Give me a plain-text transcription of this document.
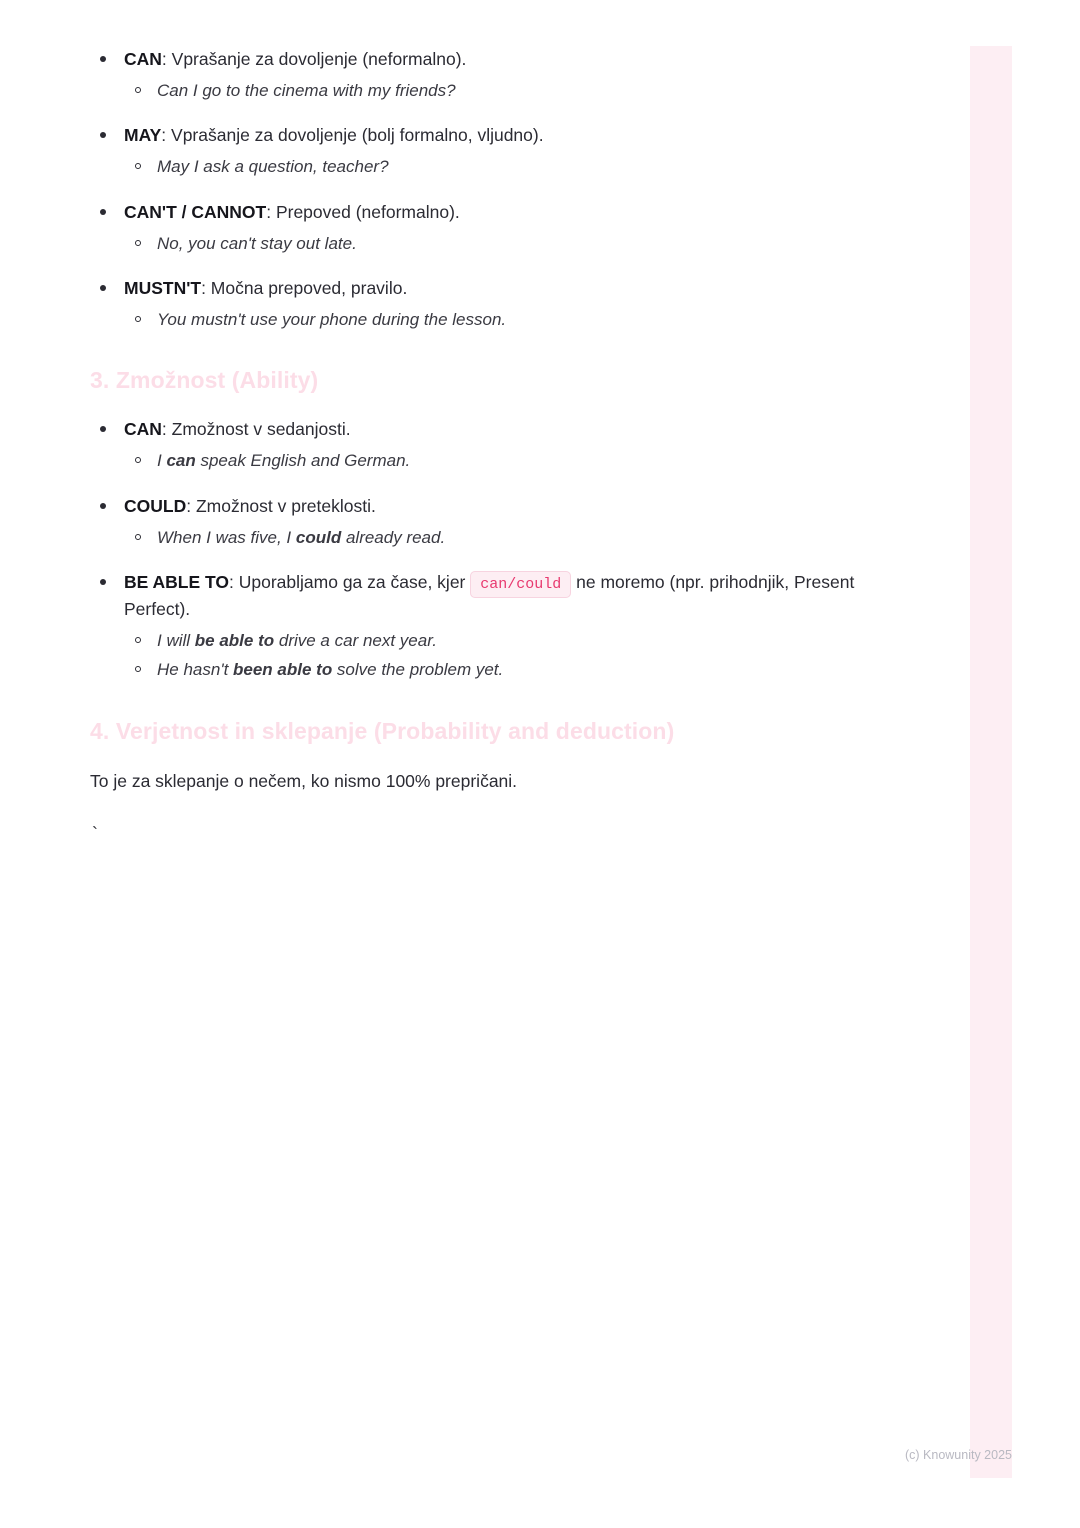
CAN: Vprašanje za dovoljenje (neformalno).
Can I go to the cinema with my friends?
MAY: Vprašanje za dovoljenje (bolj formalno, vljudno).
May I ask a question, teacher?
CAN'T / CANNOT: Prepoved (neformalno).
No, you can't stay out late.
MUSTN'T: Močna prepoved, pravilo.
You mustn't use your phone during the lesson.
3. Zmožnost (Ability)
CAN: Zmožnost v sedanjosti.
I can speak English and German.
COULD: Zmožnost v preteklosti.
When I was five, I could already read.
BE ABLE TO: Uporabljamo ga za čase, kjer can/could ne moremo (npr. prihodnjik, Present Perfect).
I will be able to drive a car next year.
He hasn't been able to solve the problem yet.
4. Verjetnost in sklepanje (Probability and deduction)

To je za sklepanje o nečem, ko nismo 100% prepričani.

`
(c) Knowunity 2025
